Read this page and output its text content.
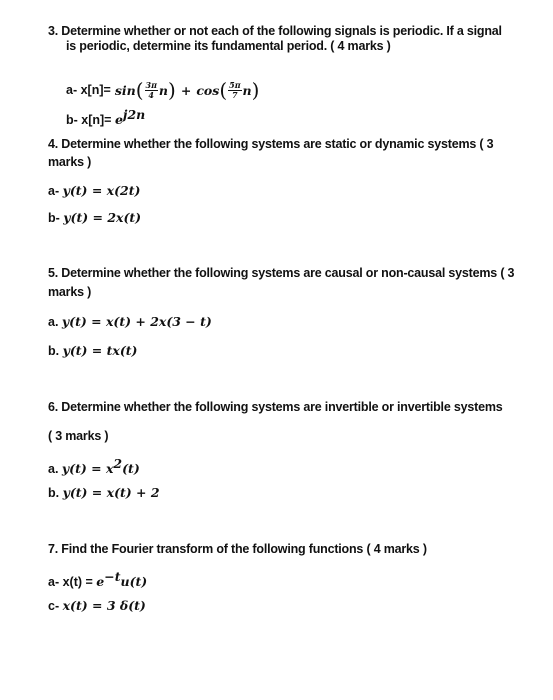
3. Determine whether or not each of the following signals is periodic. If a signal
is periodic, determine its fundamental period. ( 4 marks )
a- x[n]= sin ( $\frac{3\pi}{4}$ n ) + cos ( $\frac{5\pi}{7}$ n )
b- $x[n]= e^{j2n}$
4. Determine whether the following systems are static or dynamic systems ( 3
marks )
a- y(t) = x(2t)
b- y(t) = 2x(t)
5. Determine whether the following systems are causal or non-causal systems ( 3
marks )
a. y(t) = x(t) + 2x(3 − t)
b. y(t) = tx(t)
6. Determine whether the following systems are invertible or invertible systems
( 3 marks )
a. $y(t) = x^2(t)$
b. y(t) = x(t) + 2
7. Find the Fourier transform of the following functions ( 4 marks )
a- $x(t) = e^{-t}u(t)$
c- x(t) = 3 δ(t)
